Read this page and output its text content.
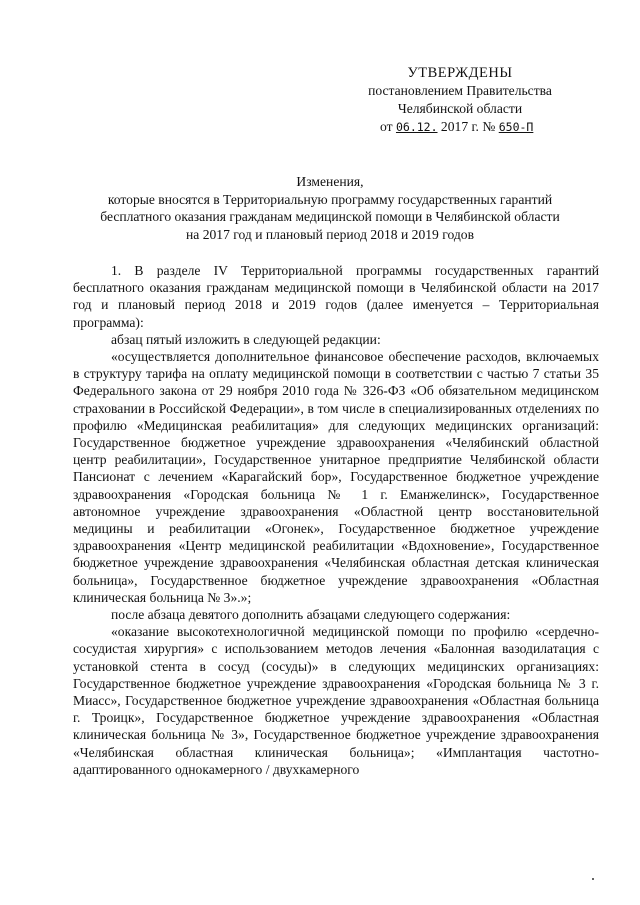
УТВЕРЖДЕНЫ
постановлением Правительства
Челябинской области
от 06.12. 2017 г. № 650-П
Изменения,
которые вносятся в Территориальную программу государственных гарантий
бесплатного оказания гражданам медицинской помощи в Челябинской области
на 2017 год и плановый период 2018 и 2019 годов

1. В разделе IV Территориальной программы государственных гарантий бесплатного оказания гражданам медицинской помощи в Челябинской области на 2017 год и плановый период 2018 и 2019 годов (далее именуется – Территориальная программа):

абзац пятый изложить в следующей редакции:

«осуществляется дополнительное финансовое обеспечение расходов, включаемых в структуру тарифа на оплату медицинской помощи в соответствии с частью 7 статьи 35 Федерального закона от 29 ноября 2010 года № 326-ФЗ «Об обязательном медицинском страховании в Российской Федерации», в том числе в специализированных отделениях по профилю «Медицинская реабилитация» для следующих медицинских организаций: Государственное бюджетное учреждение здравоохранения «Челябинский областной центр реабилитации», Государственное унитарное предприятие Челябинской области Пансионат с лечением «Карагайский бор», Государственное бюджетное учреждение здравоохранения «Городская больница № 1 г. Еманжелинск», Государственное автономное учреждение здравоохранения «Областной центр восстановительной медицины и реабилитации «Огонек», Государственное бюджетное учреждение здравоохранения «Центр медицинской реабилитации «Вдохновение», Государственное бюджетное учреждение здравоохранения «Челябинская областная детская клиническая больница», Государственное бюджетное учреждение здравоохранения «Областная клиническая больница № 3».»;

после абзаца девятого дополнить абзацами следующего содержания:

«оказание высокотехнологичной медицинской помощи по профилю «сердечно-сосудистая хирургия» с использованием методов лечения «Балонная вазодилатация с установкой стента в сосуд (сосуды)» в следующих медицинских организациях: Государственное бюджетное учреждение здравоохранения «Городская больница № 3 г. Миасс», Государственное бюджетное учреждение здравоохранения «Областная больница г. Троицк», Государственное бюджетное учреждение здравоохранения «Областная клиническая больница № 3», Государственное бюджетное учреждение здравоохранения «Челябинская областная клиническая больница»; «Имплантация частотно-адаптированного однокамерного / двухкамерного
